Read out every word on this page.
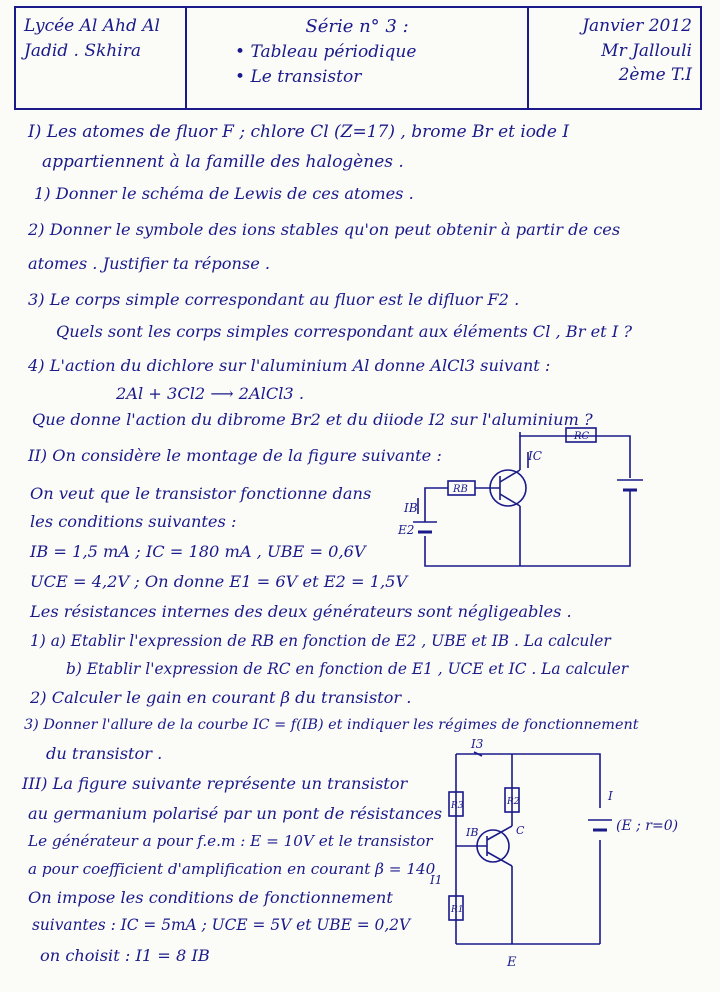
Lycée Al Ahd Al
Jadid . Skhira
Série n° 3 :
• Tableau périodique
• Le transistor
Janvier 2012
Mr Jallouli
2ème T.I
I) Les atomes de fluor F ; chlore Cl (Z=17) , brome Br et iode I
appartiennent à la famille des halogènes .
1) Donner le schéma de Lewis de ces atomes .
2) Donner le symbole des ions stables qu'on peut obtenir à partir de ces
atomes . Justifier ta réponse .
3) Le corps simple correspondant au fluor est le difluor F2 .
Quels sont les corps simples correspondant aux éléments Cl , Br et I ?
4) L'action du dichlore sur l'aluminium Al donne AlCl3 suivant :
2Al + 3Cl2 ⟶ 2AlCl3 .
Que donne l'action du dibrome Br2 et du diiode I2 sur l'aluminium ?
II) On considère le montage de la figure suivante :
On veut que le transistor fonctionne dans
les conditions suivantes :
IB = 1,5 mA ; IC = 180 mA , UBE = 0,6V
UCE = 4,2V ; On donne E1 = 6V et E2 = 1,5V
Les résistances internes des deux générateurs sont négligeables .
1) a) Etablir l'expression de RB en fonction de E2 , UBE et IB . La calculer
b) Etablir l'expression de RC en fonction de E1 , UCE et IC . La calculer
2) Calculer le gain en courant β du transistor .
3) Donner l'allure de la courbe IC = f(IB) et indiquer les régimes de fonctionnement
du transistor .
RC
RB
IC
IB
E2
I3
R3	R2
R1
IB	C
I1
I
E
(E ; r=0)
III) La figure suivante représente un transistor
au germanium polarisé par un pont de résistances
Le générateur a pour f.e.m : E = 10V et le transistor
a pour coefficient d'amplification en courant β = 140
On impose les conditions de fonctionnement
suivantes : IC = 5mA ; UCE = 5V et UBE = 0,2V
on choisit : I1 = 8 IB
